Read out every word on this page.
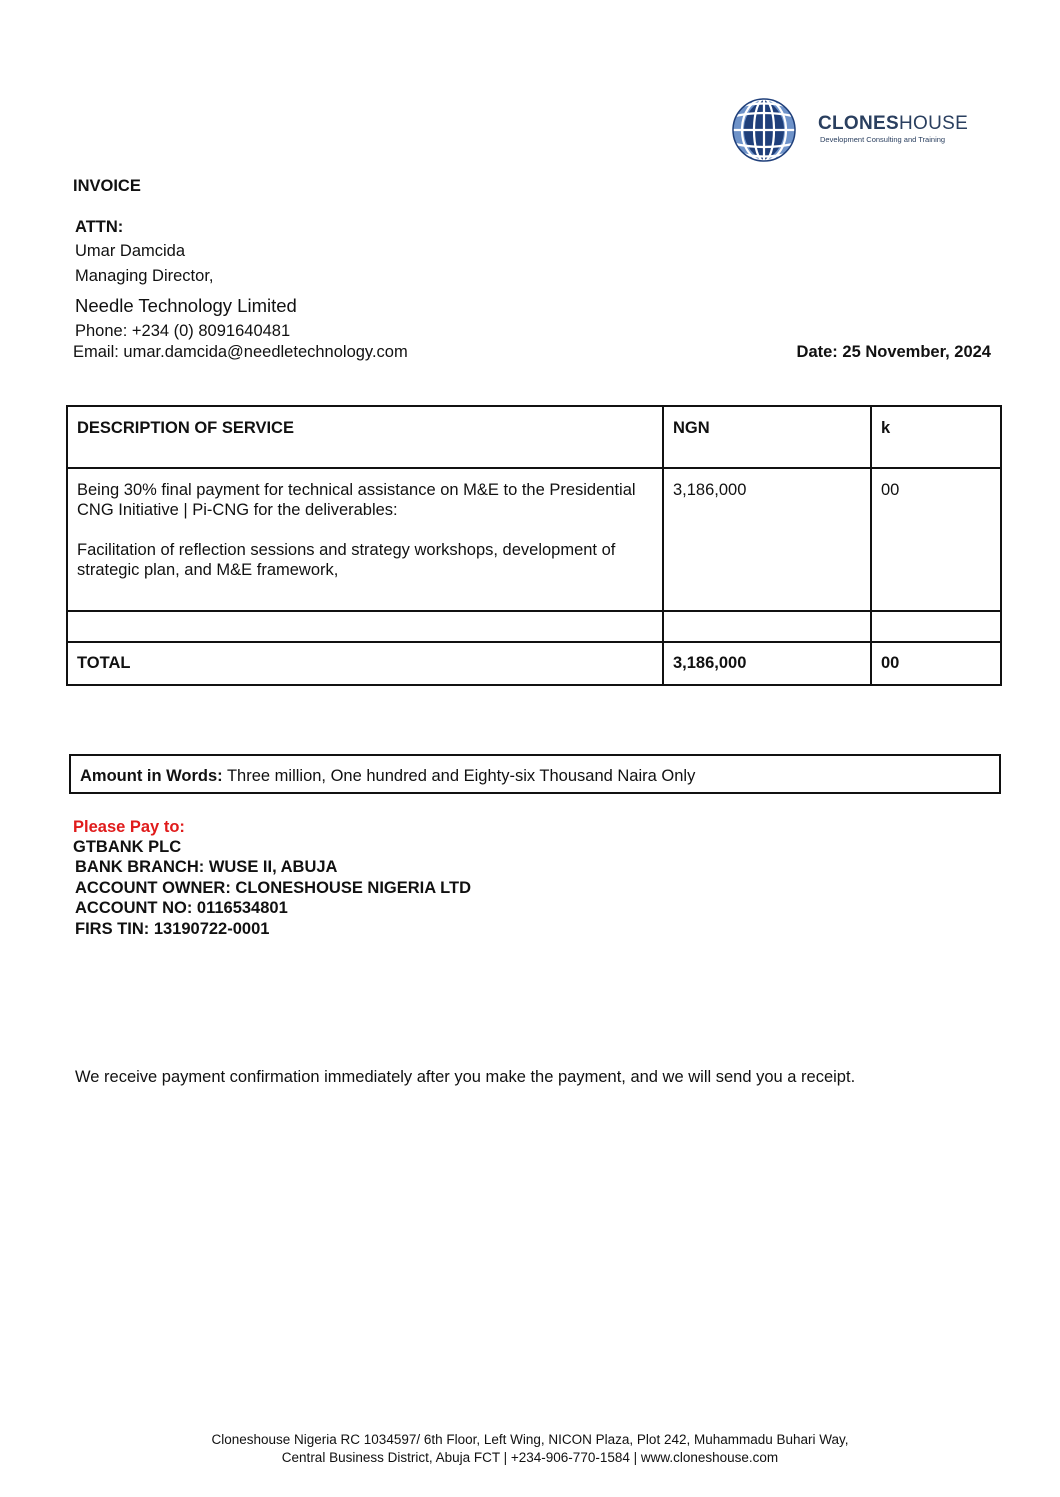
CLONESHOUSE
Development Consulting and Training
INVOICE
ATTN:
Umar Damcida
Managing Director,
Needle Technology Limited
Phone: +234 (0) 8091640481
Email: umar.damcida@needletechnology.com	Date: 25 November, 2024
DESCRIPTION OF SERVICE	NGN	k

Being 30% final payment for technical assistance on M&E to the Presidential CNG Initiative | Pi-CNG for the deliverables:
Facilitation of reflection sessions and strategy workshops, development of strategic plan, and M&E framework,	3,186,000	00

TOTAL	3,186,000	00
Amount in Words: Three million, One hundred and Eighty-six Thousand Naira Only
Please Pay to:
GTBANK PLC
BANK BRANCH: WUSE II, ABUJA
ACCOUNT OWNER: CLONESHOUSE NIGERIA LTD
ACCOUNT NO: 0116534801
FIRS TIN: 13190722-0001
We receive payment confirmation immediately after you make the payment, and we will send you a receipt.
Cloneshouse Nigeria RC 1034597/ 6th Floor, Left Wing, NICON Plaza, Plot 242, Muhammadu Buhari Way,
Central Business District, Abuja FCT | +234-906-770-1584 | www.cloneshouse.com
